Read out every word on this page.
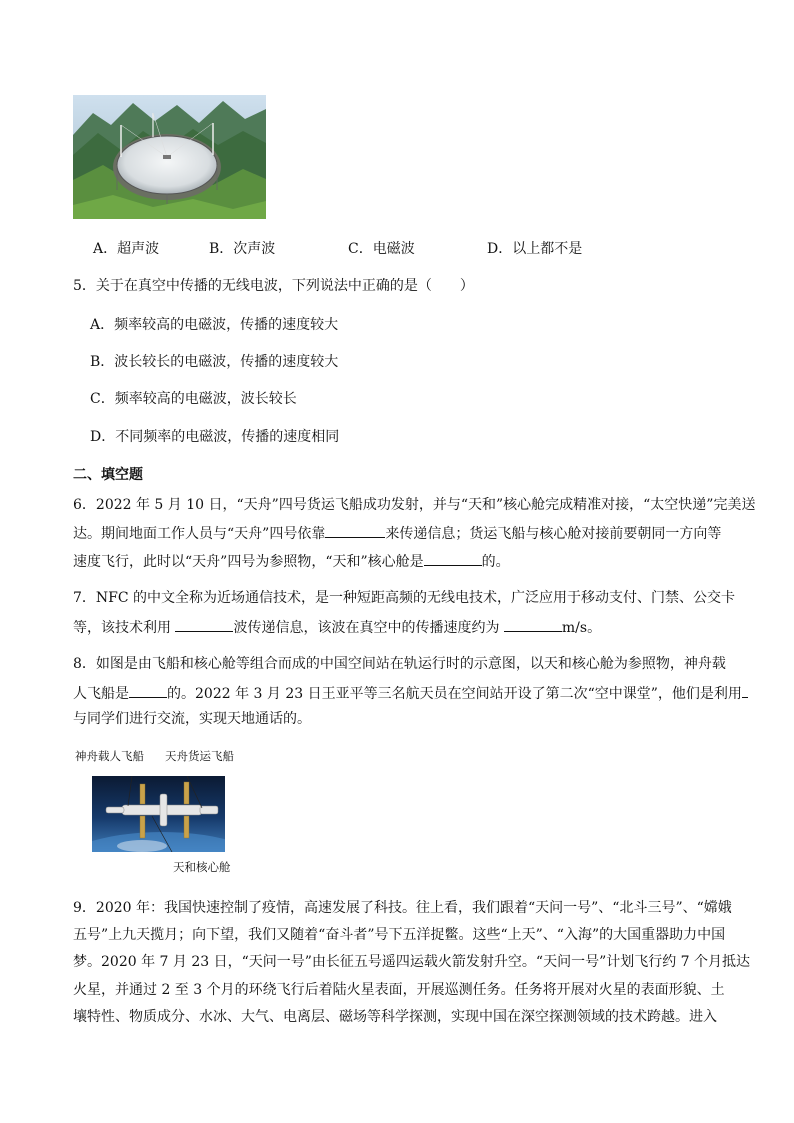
A．超声波	B．次声波	C．电磁波	D．以上都不是
5．关于在真空中传播的无线电波，下列说法中正确的是（　　）
A．频率较高的电磁波，传播的速度较大
B．波长较长的电磁波，传播的速度较大
C．频率较高的电磁波，波长较长
D．不同频率的电磁波，传播的速度相同
二、填空题
6．2022 年 5 月 10 日，“天舟”四号货运飞船成功发射，并与“天和”核心舱完成精准对接，“太空快递”完美送
达。期间地面工作人员与“天舟”四号依靠	来传递信息；货运飞船与核心舱对接前要朝同一方向等
速度飞行，此时以“天舟”四号为参照物，“天和”核心舱是	的。
7．NFC 的中文全称为近场通信技术，是一种短距高频的无线电技术，广泛应用于移动支付、门禁、公交卡
等，该技术利用	波传递信息，该波在真空中的传播速度约为	m/s。
8．如图是由飞船和核心舱等组合而成的中国空间站在轨运行时的示意图，以天和核心舱为参照物，神舟载
人飞船是	的。2022 年 3 月 23 日王亚平等三名航天员在空间站开设了第二次“空中课堂”，他们是利用
与同学们进行交流，实现天地通话的。
神舟载人飞船 天舟货运飞船
天和核心舱
9．2020 年：我国快速控制了疫情，高速发展了科技。往上看，我们跟着“天问一号”、“北斗三号”、“嫦娥
五号”上九天揽月；向下望，我们又随着“奋斗者”号下五洋捉鳖。这些“上天”、“入海”的大国重器助力中国
梦。2020 年 7 月 23 日，“天问一号”由长征五号遥四运载火箭发射升空。“天问一号”计划飞行约 7 个月抵达
火星，并通过 2 至 3 个月的环绕飞行后着陆火星表面，开展巡测任务。任务将开展对火星的表面形貌、土
壤特性、物质成分、水冰、大气、电离层、磁场等科学探测，实现中国在深空探测领域的技术跨越。进入
